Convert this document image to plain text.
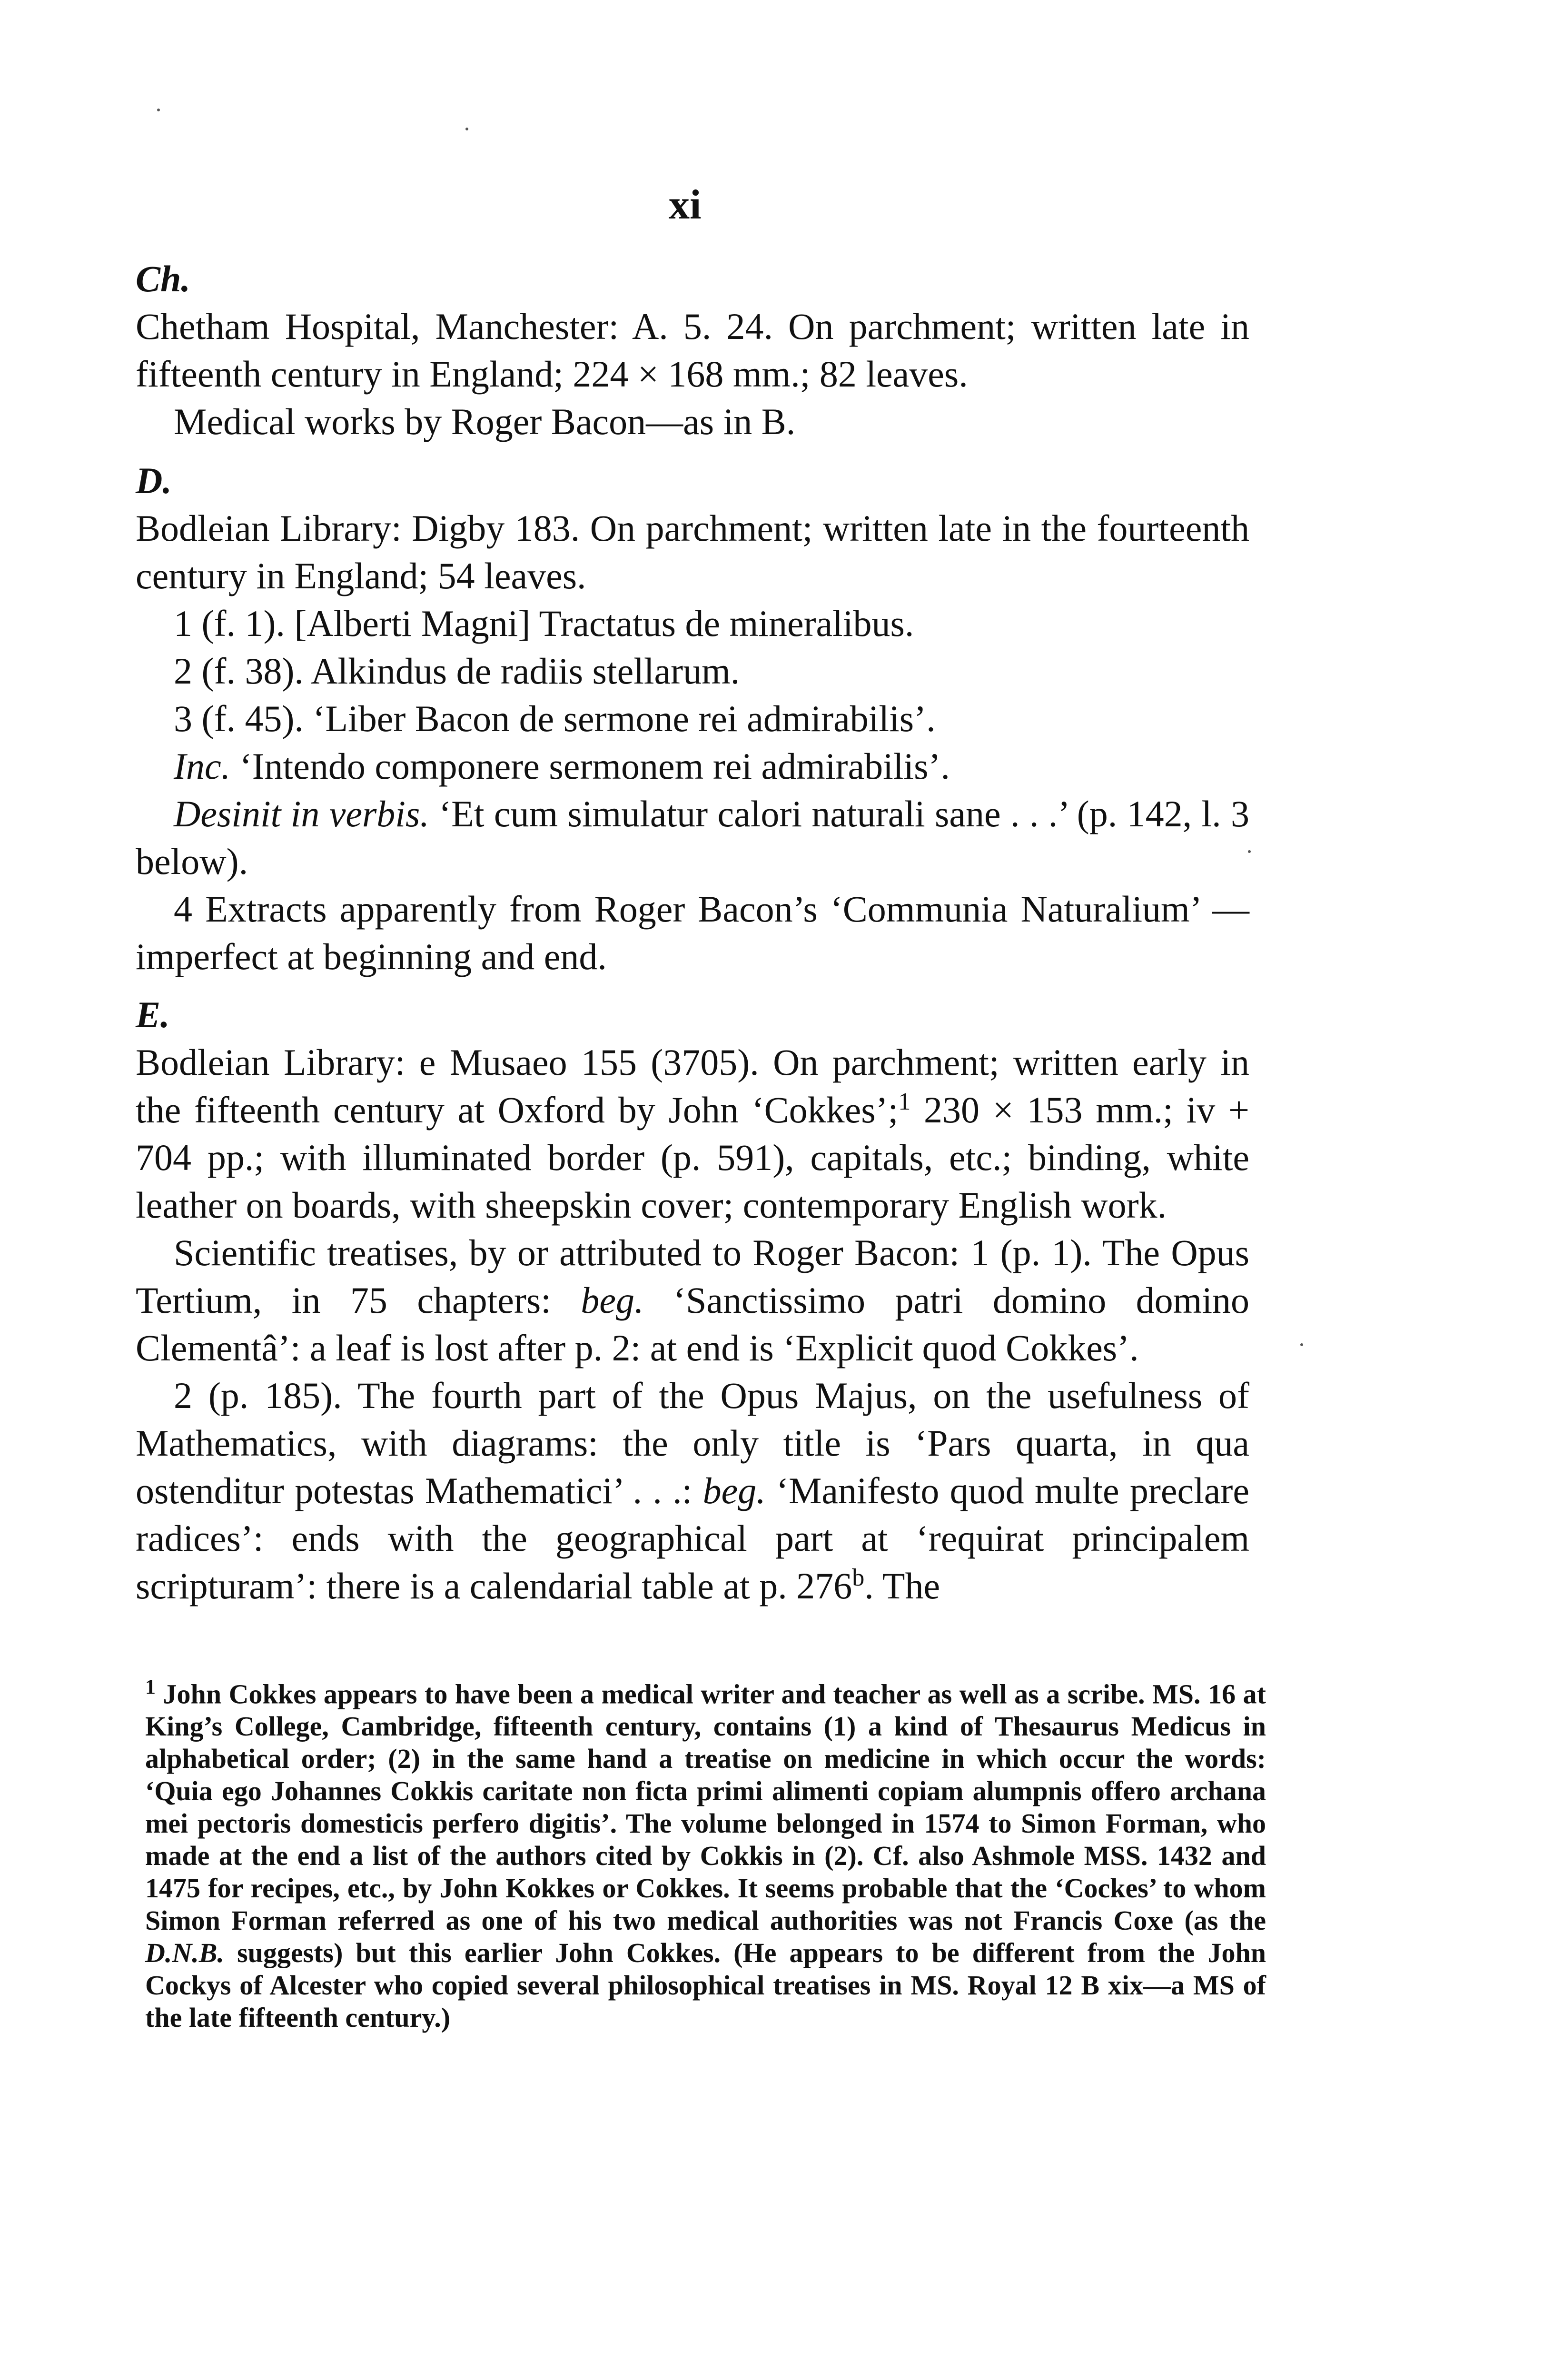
xi

Ch.

Chetham Hospital, Manchester: A. 5. 24. On parchment; written late in fifteenth century in England; 224 × 168 mm.; 82 leaves.

Medical works by Roger Bacon—as in B.

D.

Bodleian Library: Digby 183. On parchment; written late in the fourteenth century in England; 54 leaves.

1 (f. 1). [Alberti Magni] Tractatus de mineralibus.

2 (f. 38). Alkindus de radiis stellarum.

3 (f. 45). ‘Liber Bacon de sermone rei admirabilis’.

Inc. ‘Intendo componere sermonem rei admirabilis’.

Desinit in verbis. ‘Et cum simulatur calori naturali sane . . .’ (p. 142, l. 3 below).

4 Extracts apparently from Roger Bacon’s ‘Communia Naturalium’ —imperfect at beginning and end.

E.

Bodleian Library: e Musaeo 155 (3705). On parchment; written early in the fifteenth century at Oxford by John ‘Cokkes’;$^1$ 230 × 153 mm.; iv + 704 pp.; with illuminated border (p. 591), capitals, etc.; binding, white leather on boards, with sheepskin cover; contemporary English work.

Scientific treatises, by or attributed to Roger Bacon: 1 (p. 1). The Opus Tertium, in 75 chapters: beg. ‘Sanctissimo patri domino domino Clementâ’: a leaf is lost after p. 2: at end is ‘Explicit quod Cokkes’.

2 (p. 185). The fourth part of the Opus Majus, on the usefulness of Mathematics, with diagrams: the only title is ‘Pars quarta, in qua ostenditur potestas Mathematici’ . . .: beg. ‘Manifesto quod multe preclare radices’: ends with the geographical part at ‘requirat principalem scripturam’: there is a calendarial table at p. 276$^b$. The

$^1$ John Cokkes appears to have been a medical writer and teacher as well as a scribe. MS. 16 at King’s College, Cambridge, fifteenth century, contains (1) a kind of Thesaurus Medicus in alphabetical order; (2) in the same hand a treatise on medicine in which occur the words: ‘Quia ego Johannes Cokkis caritate non ficta primi alimenti copiam alumpnis offero archana mei pectoris domesticis perfero digitis’. The volume belonged in 1574 to Simon Forman, who made at the end a list of the authors cited by Cokkis in (2). Cf. also Ashmole MSS. 1432 and 1475 for recipes, etc., by John Kokkes or Cokkes. It seems probable that the ‘Cockes’ to whom Simon Forman referred as one of his two medical authorities was not Francis Coxe (as the D.N.B. suggests) but this earlier John Cokkes. (He appears to be different from the John Cockys of Alcester who copied several philosophical treatises in MS. Royal 12 B xix—a MS of the late fifteenth century.)
